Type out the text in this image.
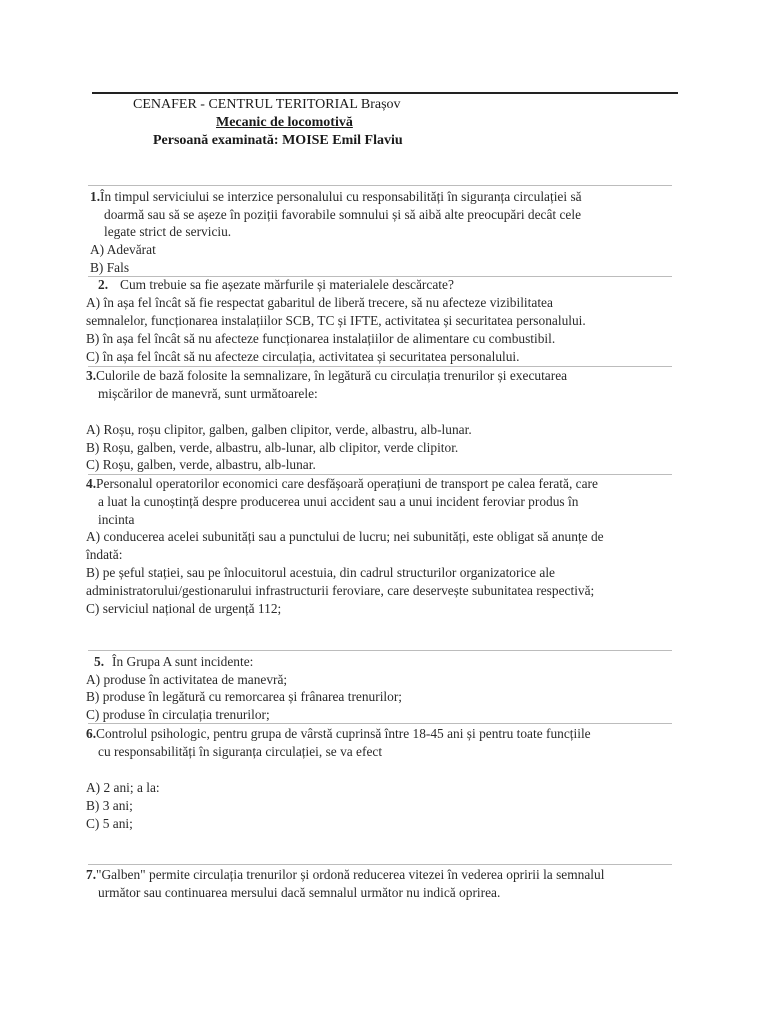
CENAFER - CENTRUL TERITORIAL Brașov
Mecanic de locomotivă
Persoană examinată: MOISE Emil Flaviu
1.În timpul serviciului se interzice personalului cu responsabilități în siguranța circulației să
doarmă sau să se așeze în poziții favorabile somnului și să aibă alte preocupări decât cele
legate strict de serviciu.
A) Adevărat
B) Fals
2. Cum trebuie sa fie așezate mărfurile și materialele descărcate?
A) în așa fel încât să fie respectat gabaritul de liberă trecere, să nu afecteze vizibilitatea
semnalelor, funcționarea instalațiilor SCB, TC și IFTE, activitatea și securitatea personalului.
B) în așa fel încât să nu afecteze funcționarea instalațiilor de alimentare cu combustibil.
C) în așa fel încât să nu afecteze circulația, activitatea și securitatea personalului.
3.Culorile de bază folosite la semnalizare, în legătură cu circulația trenurilor și executarea
mișcărilor de manevră, sunt următoarele:
A) Roșu, roșu clipitor, galben, galben clipitor, verde, albastru, alb-lunar.
B) Roșu, galben, verde, albastru, alb-lunar, alb clipitor, verde clipitor.
C) Roșu, galben, verde, albastru, alb-lunar.
4.Personalul operatorilor economici care desfășoară operațiuni de transport pe calea ferată, care
a luat la cunoștință despre producerea unui accident sau a unui incident feroviar produs în
incinta
A) conducerea acelei subunități sau a punctului de lucru; nei subunități, este obligat să anunțe de
îndată:
B) pe șeful stației, sau pe înlocuitorul acestuia, din cadrul structurilor organizatorice ale
administratorului/gestionarului infrastructurii feroviare, care deservește subunitatea respectivă;
C) serviciul național de urgență 112;
5. În Grupa A sunt incidente:
A) produse în activitatea de manevră;
B) produse în legătură cu remorcarea și frânarea trenurilor;
C) produse în circulația trenurilor;
6.Controlul psihologic, pentru grupa de vârstă cuprinsă între 18-45 ani și pentru toate funcțiile
cu responsabilități în siguranța circulației, se va efect
A) 2 ani; a la:
B) 3 ani;
C) 5 ani;
7."Galben" permite circulația trenurilor și ordonă reducerea vitezei în vederea opririi la semnalul
următor sau continuarea mersului dacă semnalul următor nu indică oprirea.
